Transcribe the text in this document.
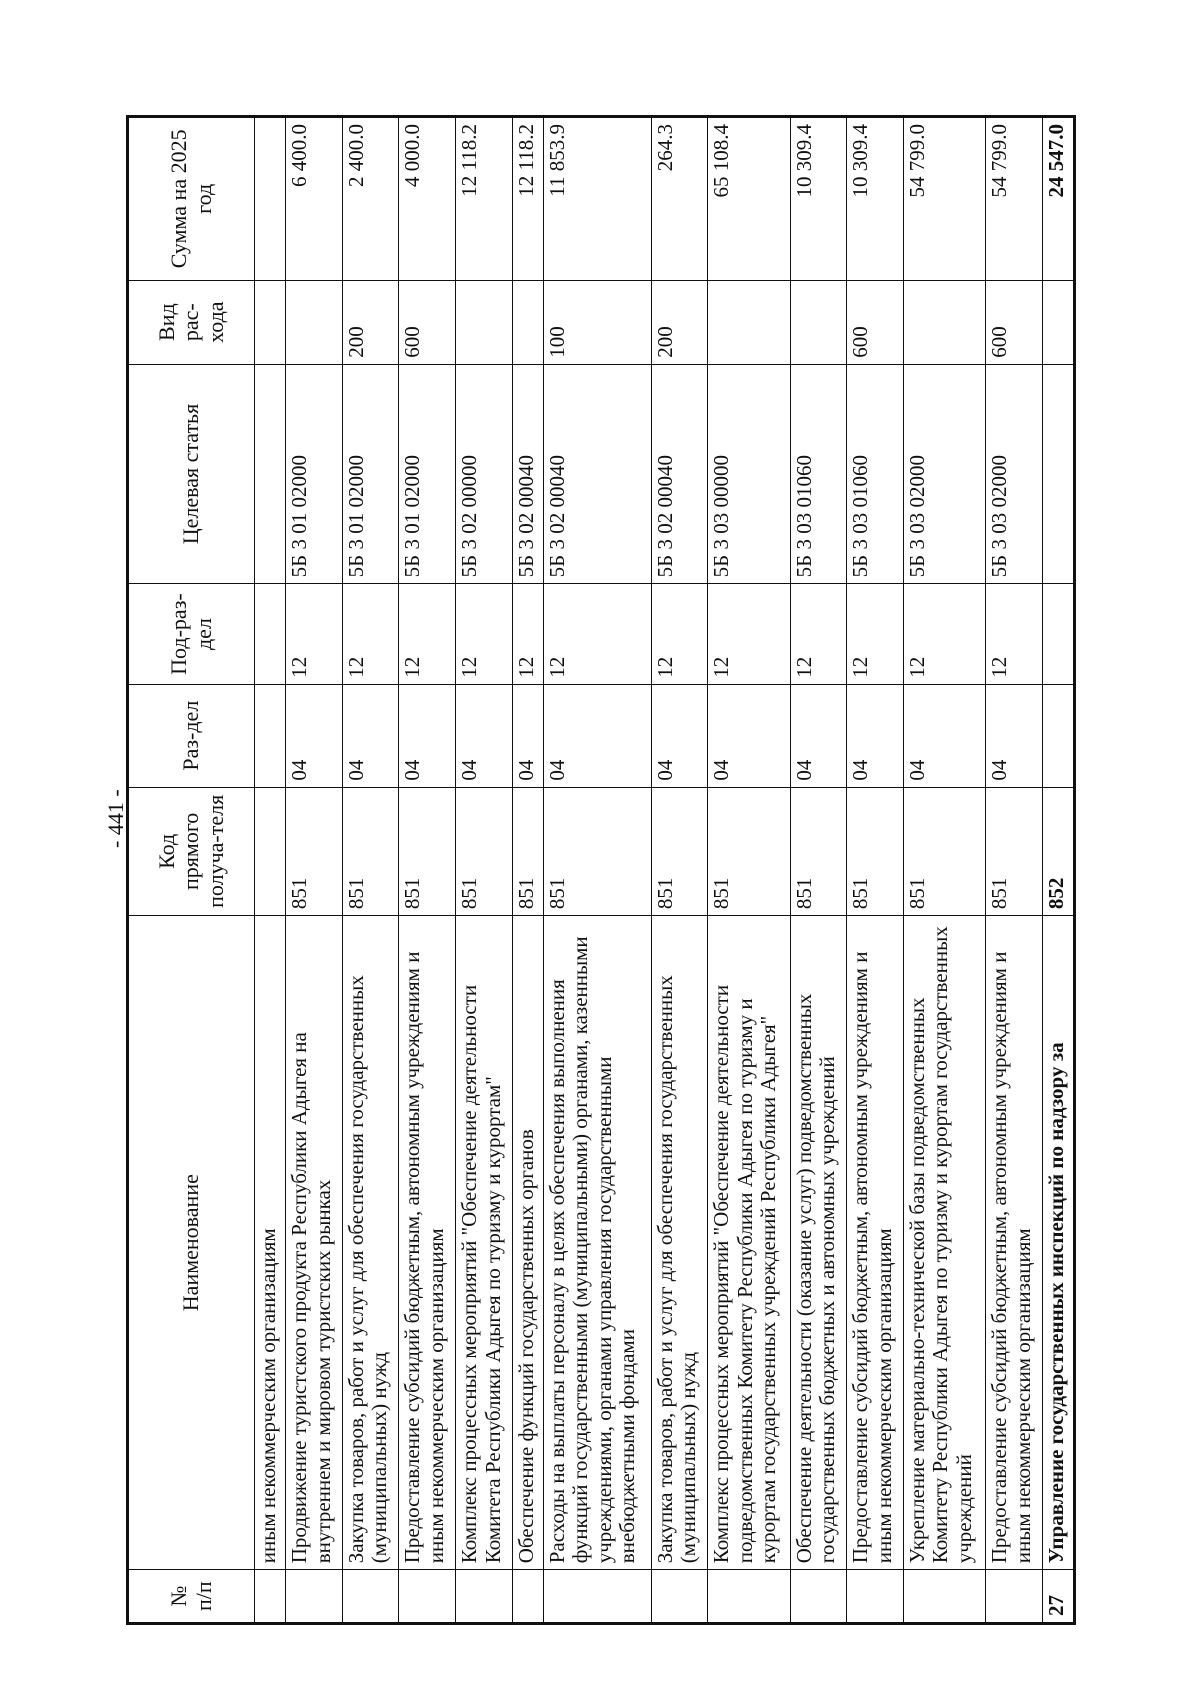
- 441 -
№ п/п	Наименование	Код прямого получа-теля	Раз-дел	Под-раз-дел	Целевая статья	Вид рас-хода	Сумма на 2025 год
	иным некоммерческим организациям						
	Продвижение туристского продукта Республики Адыгея на внутреннем и мировом туристских рынках	851	04	12	5Б 3 01 02000		6 400.0
	Закупка товаров, работ и услуг для обеспечения государственных (муниципальных) нужд	851	04	12	5Б 3 01 02000	200	2 400.0
	Предоставление субсидий бюджетным, автономным учреждениям и иным некоммерческим организациям	851	04	12	5Б 3 01 02000	600	4 000.0
	Комплекс процессных мероприятий "Обеспечение деятельности Комитета Республики Адыгея по туризму и курортам"	851	04	12	5Б 3 02 00000		12 118.2
	Обеспечение функций государственных органов	851	04	12	5Б 3 02 00040		12 118.2
	Расходы на выплаты персоналу в целях обеспечения выполнения функций государственными (муниципальными) органами, казенными учреждениями, органами управления государственными внебюджетными фондами	851	04	12	5Б 3 02 00040	100	11 853.9
	Закупка товаров, работ и услуг для обеспечения государственных (муниципальных) нужд	851	04	12	5Б 3 02 00040	200	264.3
	Комплекс процессных мероприятий "Обеспечение деятельности подведомственных Комитету Республики Адыгея по туризму и курортам государственных учреждений Республики Адыгея"	851	04	12	5Б 3 03 00000		65 108.4
	Обеспечение деятельности (оказание услуг) подведомственных государственных бюджетных и автономных учреждений	851	04	12	5Б 3 03 01060		10 309.4
	Предоставление субсидий бюджетным, автономным учреждениям и иным некоммерческим организациям	851	04	12	5Б 3 03 01060	600	10 309.4
	Укрепление материально-технической базы подведомственных Комитету Республики Адыгея по туризму и курортам государственных учреждений	851	04	12	5Б 3 03 02000		54 799.0
	Предоставление субсидий бюджетным, автономным учреждениям и иным некоммерческим организациям	851	04	12	5Б 3 03 02000	600	54 799.0
27	Управление государственных инспекций по надзору за	852					24 547.0
